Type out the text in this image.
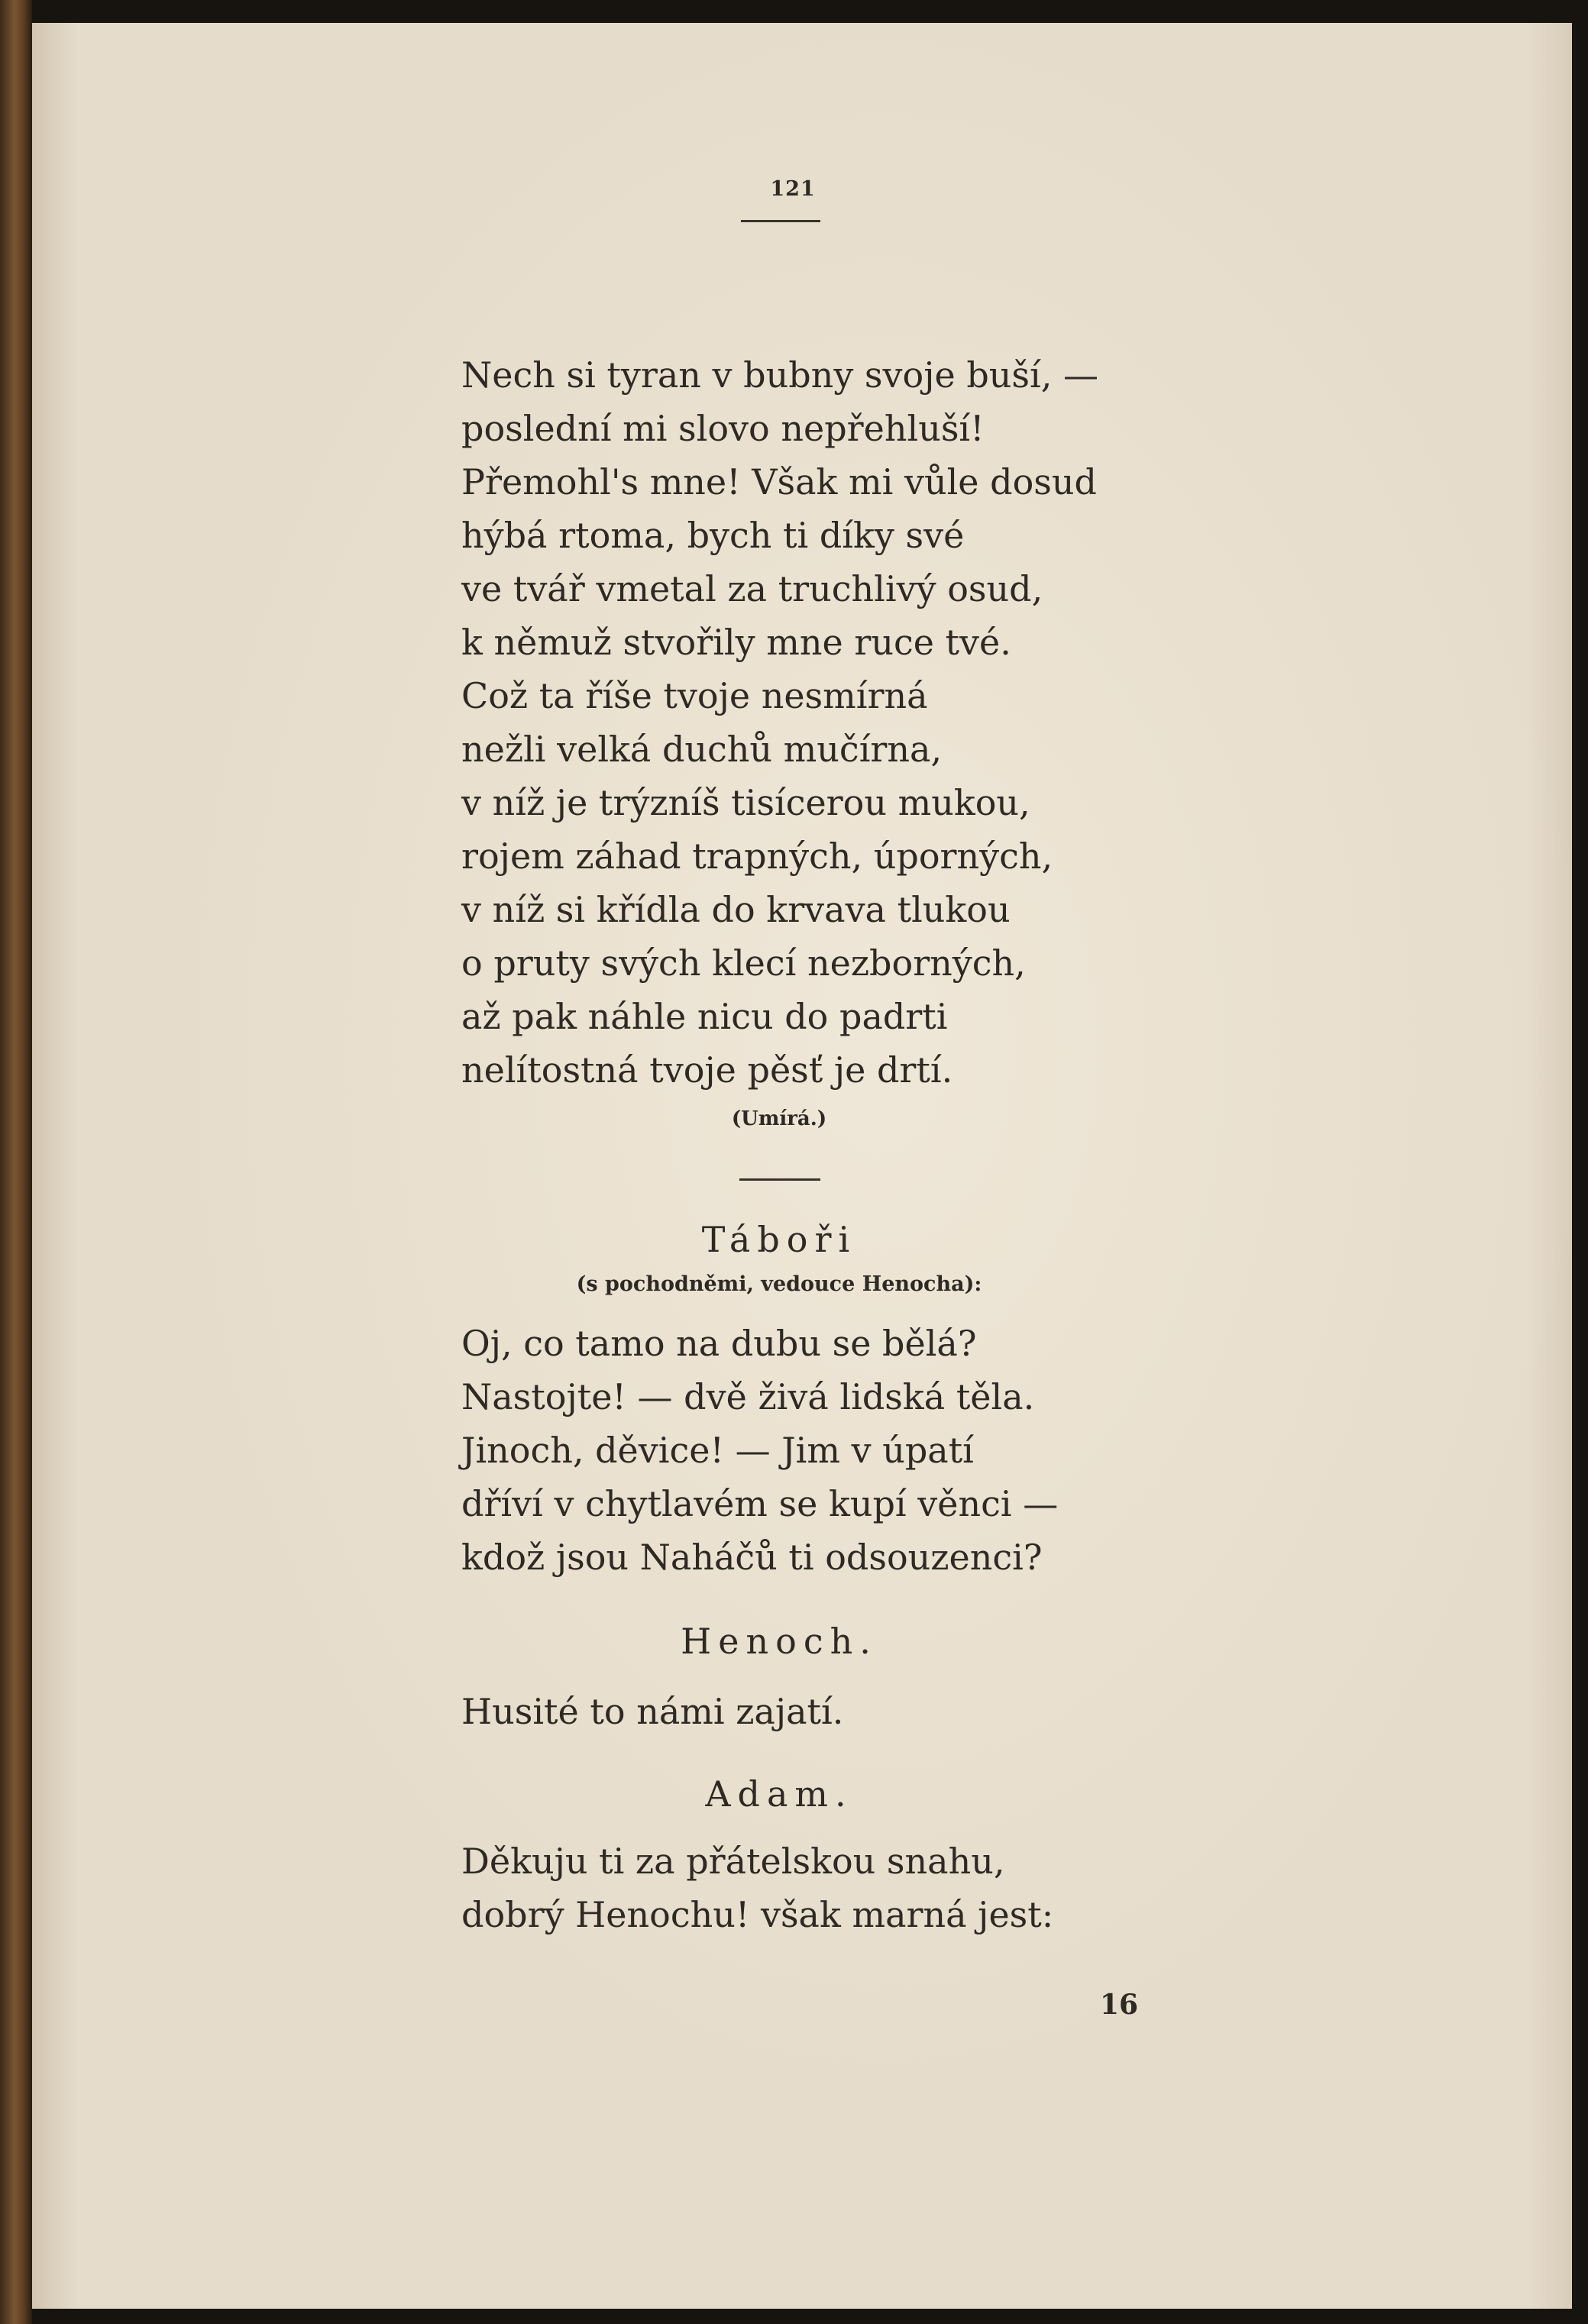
121
Nech si tyran v bubny svoje buší, —
poslední mi slovo nepřehluší!
Přemohl's mne! Však mi vůle dosud
hýbá rtoma, bych ti díky své
ve tvář vmetal za truchlivý osud,
k němuž stvořily mne ruce tvé.
Což ta říše tvoje nesmírná
nežli velká duchů mučírna,
v níž je trýzníš tisícerou mukou,
rojem záhad trapných, úporných,
v níž si křídla do krvava tlukou
o pruty svých klecí nezborných,
až pak náhle nicu do padrti
nelítostná tvoje pěsť je drtí.
(Umírá.)
Táboři
(s pochodněmi, vedouce Henocha):
Oj, co tamo na dubu se bělá?
Nastojte! — dvě živá lidská těla.
Jinoch, děvice! — Jim v úpatí
dříví v chytlavém se kupí věnci —
kdož jsou Naháčů ti odsouzenci?
Henoch.
Husité to námi zajatí.
Adam.
Děkuju ti za přátelskou snahu,
dobrý Henochu! však marná jest:
16
